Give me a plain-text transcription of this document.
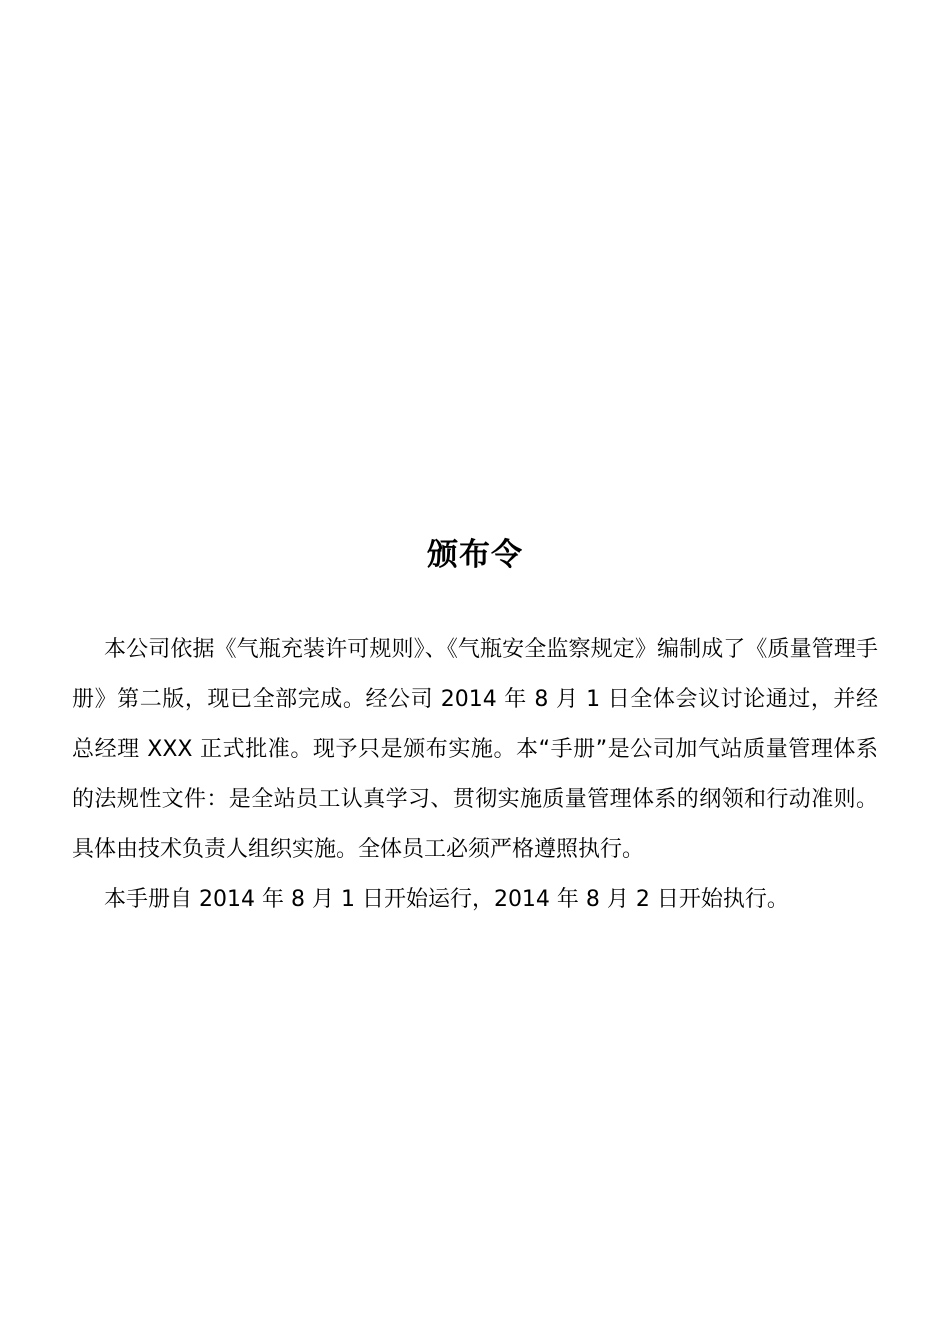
颁布令

本公司依据《气瓶充装许可规则》、《气瓶安全监察规定》编制成了《质量管理手册》第二版，现已全部完成。经公司 2014 年 8 月 1 日全体会议讨论通过，并经总经理 XXX 正式批准。现予只是颁布实施。本“手册”是公司加气站质量管理体系的法规性文件：是全站员工认真学习、贯彻实施质量管理体系的纲领和行动准则。具体由技术负责人组织实施。全体员工必须严格遵照执行。

本手册自 2014 年 8 月 1 日开始运行，2014 年 8 月 2 日开始执行。
